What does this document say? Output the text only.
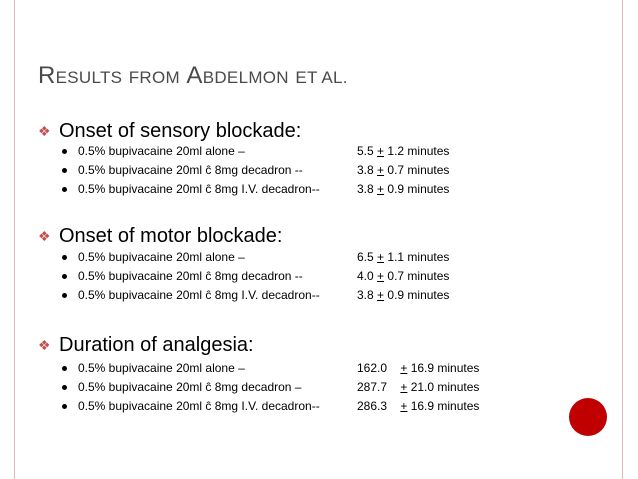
RESULTS FROM ABDELMON ET AL.
❖ Onset of sensory blockade:
0.5% bupivacaine 20ml alone –	5.5 + 1.2 minutes
0.5% bupivacaine 20ml ĉ 8mg decadron --	3.8 + 0.7 minutes
0.5% bupivacaine 20ml ĉ 8mg I.V. decadron--	3.8 + 0.9 minutes
❖ Onset of motor blockade:
0.5% bupivacaine 20ml alone –	6.5 + 1.1 minutes
0.5% bupivacaine 20ml ĉ 8mg decadron --	4.0 + 0.7 minutes
0.5% bupivacaine 20ml ĉ 8mg I.V. decadron--	3.8 + 0.9 minutes
❖ Duration of analgesia:
0.5% bupivacaine 20ml alone –	162.0 + 16.9 minutes
0.5% bupivacaine 20ml ĉ 8mg decadron –	287.7 + 21.0 minutes
0.5% bupivacaine 20ml ĉ 8mg I.V. decadron--	286.3 + 16.9 minutes
